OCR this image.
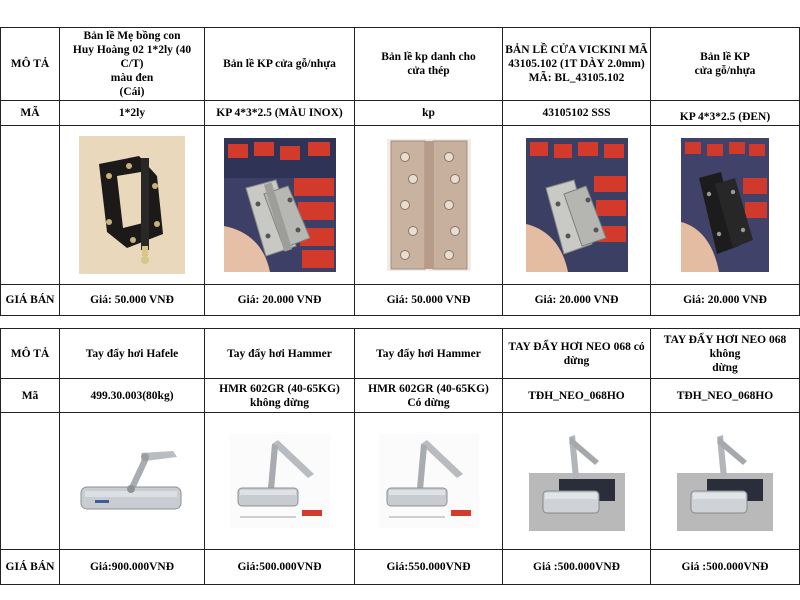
MÔ TẢ	Bản lề Mẹ bồng con
Huy Hoàng 02 1*2ly (40 C/T)
màu đen
(Cái)	Bản lề KP cửa gỗ/nhựa	Bản lề kp danh cho
cửa thép	BẢN LỀ CỬA VICKINI MÃ
43105.102 (1T DÀY 2.0mm)
MÃ: BL_43105.102	Bản lề KP
cửa gỗ/nhựa
MÃ	1*2ly	KP 4*3*2.5 (MÀU INOX)	kp	43105102 SSS	KP 4*3*2.5 (ĐEN)

GIÁ BÁN	Giá: 50.000 VNĐ	Giá: 20.000 VNĐ	Giá: 50.000 VNĐ	Giá: 20.000 VNĐ	Giá: 20.000 VNĐ
MÔ TẢ	Tay đẩy hơi Hafele	Tay đẩy hơi Hammer	Tay đẩy hơi Hammer	TAY ĐẨY HƠI NEO 068 có
dừng	TAY ĐẨY HƠI NEO 068 không
dừng
Mã	499.30.003(80kg)	HMR 602GR (40-65KG)
không dừng	HMR 602GR (40-65KG)
Có dừng	TĐH_NEO_068HO	TĐH_NEO_068HO

GIÁ BÁN	Giá:900.000VNĐ	Giá:500.000VNĐ	Giá:550.000VNĐ	Giá :500.000VNĐ	Giá :500.000VNĐ
